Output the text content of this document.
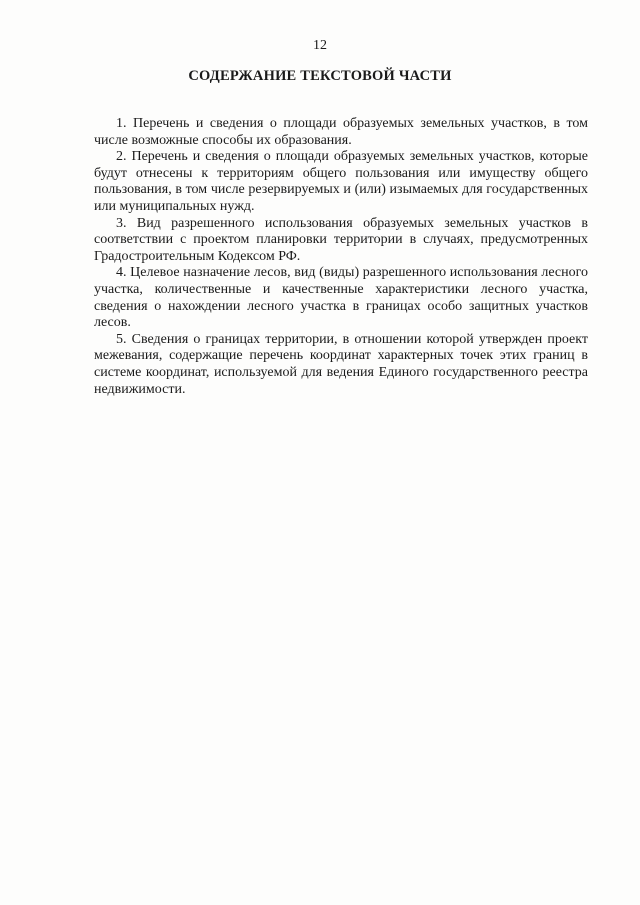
12
СОДЕРЖАНИЕ ТЕКСТОВОЙ ЧАСТИ

1. Перечень и сведения о площади образуемых земельных участков, в том числе возможные способы их образования.

2. Перечень и сведения о площади образуемых земельных участков, которые будут отнесены к территориям общего пользования или имуществу общего пользования, в том числе резервируемых и (или) изымаемых для государственных или муниципальных нужд.

3. Вид разрешенного использования образуемых земельных участков в соответствии с проектом планировки территории в случаях, предусмотренных Градостроительным Кодексом РФ.

4. Целевое назначение лесов, вид (виды) разрешенного использования лесного участка, количественные и качественные характеристики лесного участка, сведения о нахождении лесного участка в границах особо защитных участков лесов.

5. Сведения о границах территории, в отношении которой утвержден проект межевания, содержащие перечень координат характерных точек этих границ в системе координат, используемой для ведения Единого государственного реестра недвижимости.
